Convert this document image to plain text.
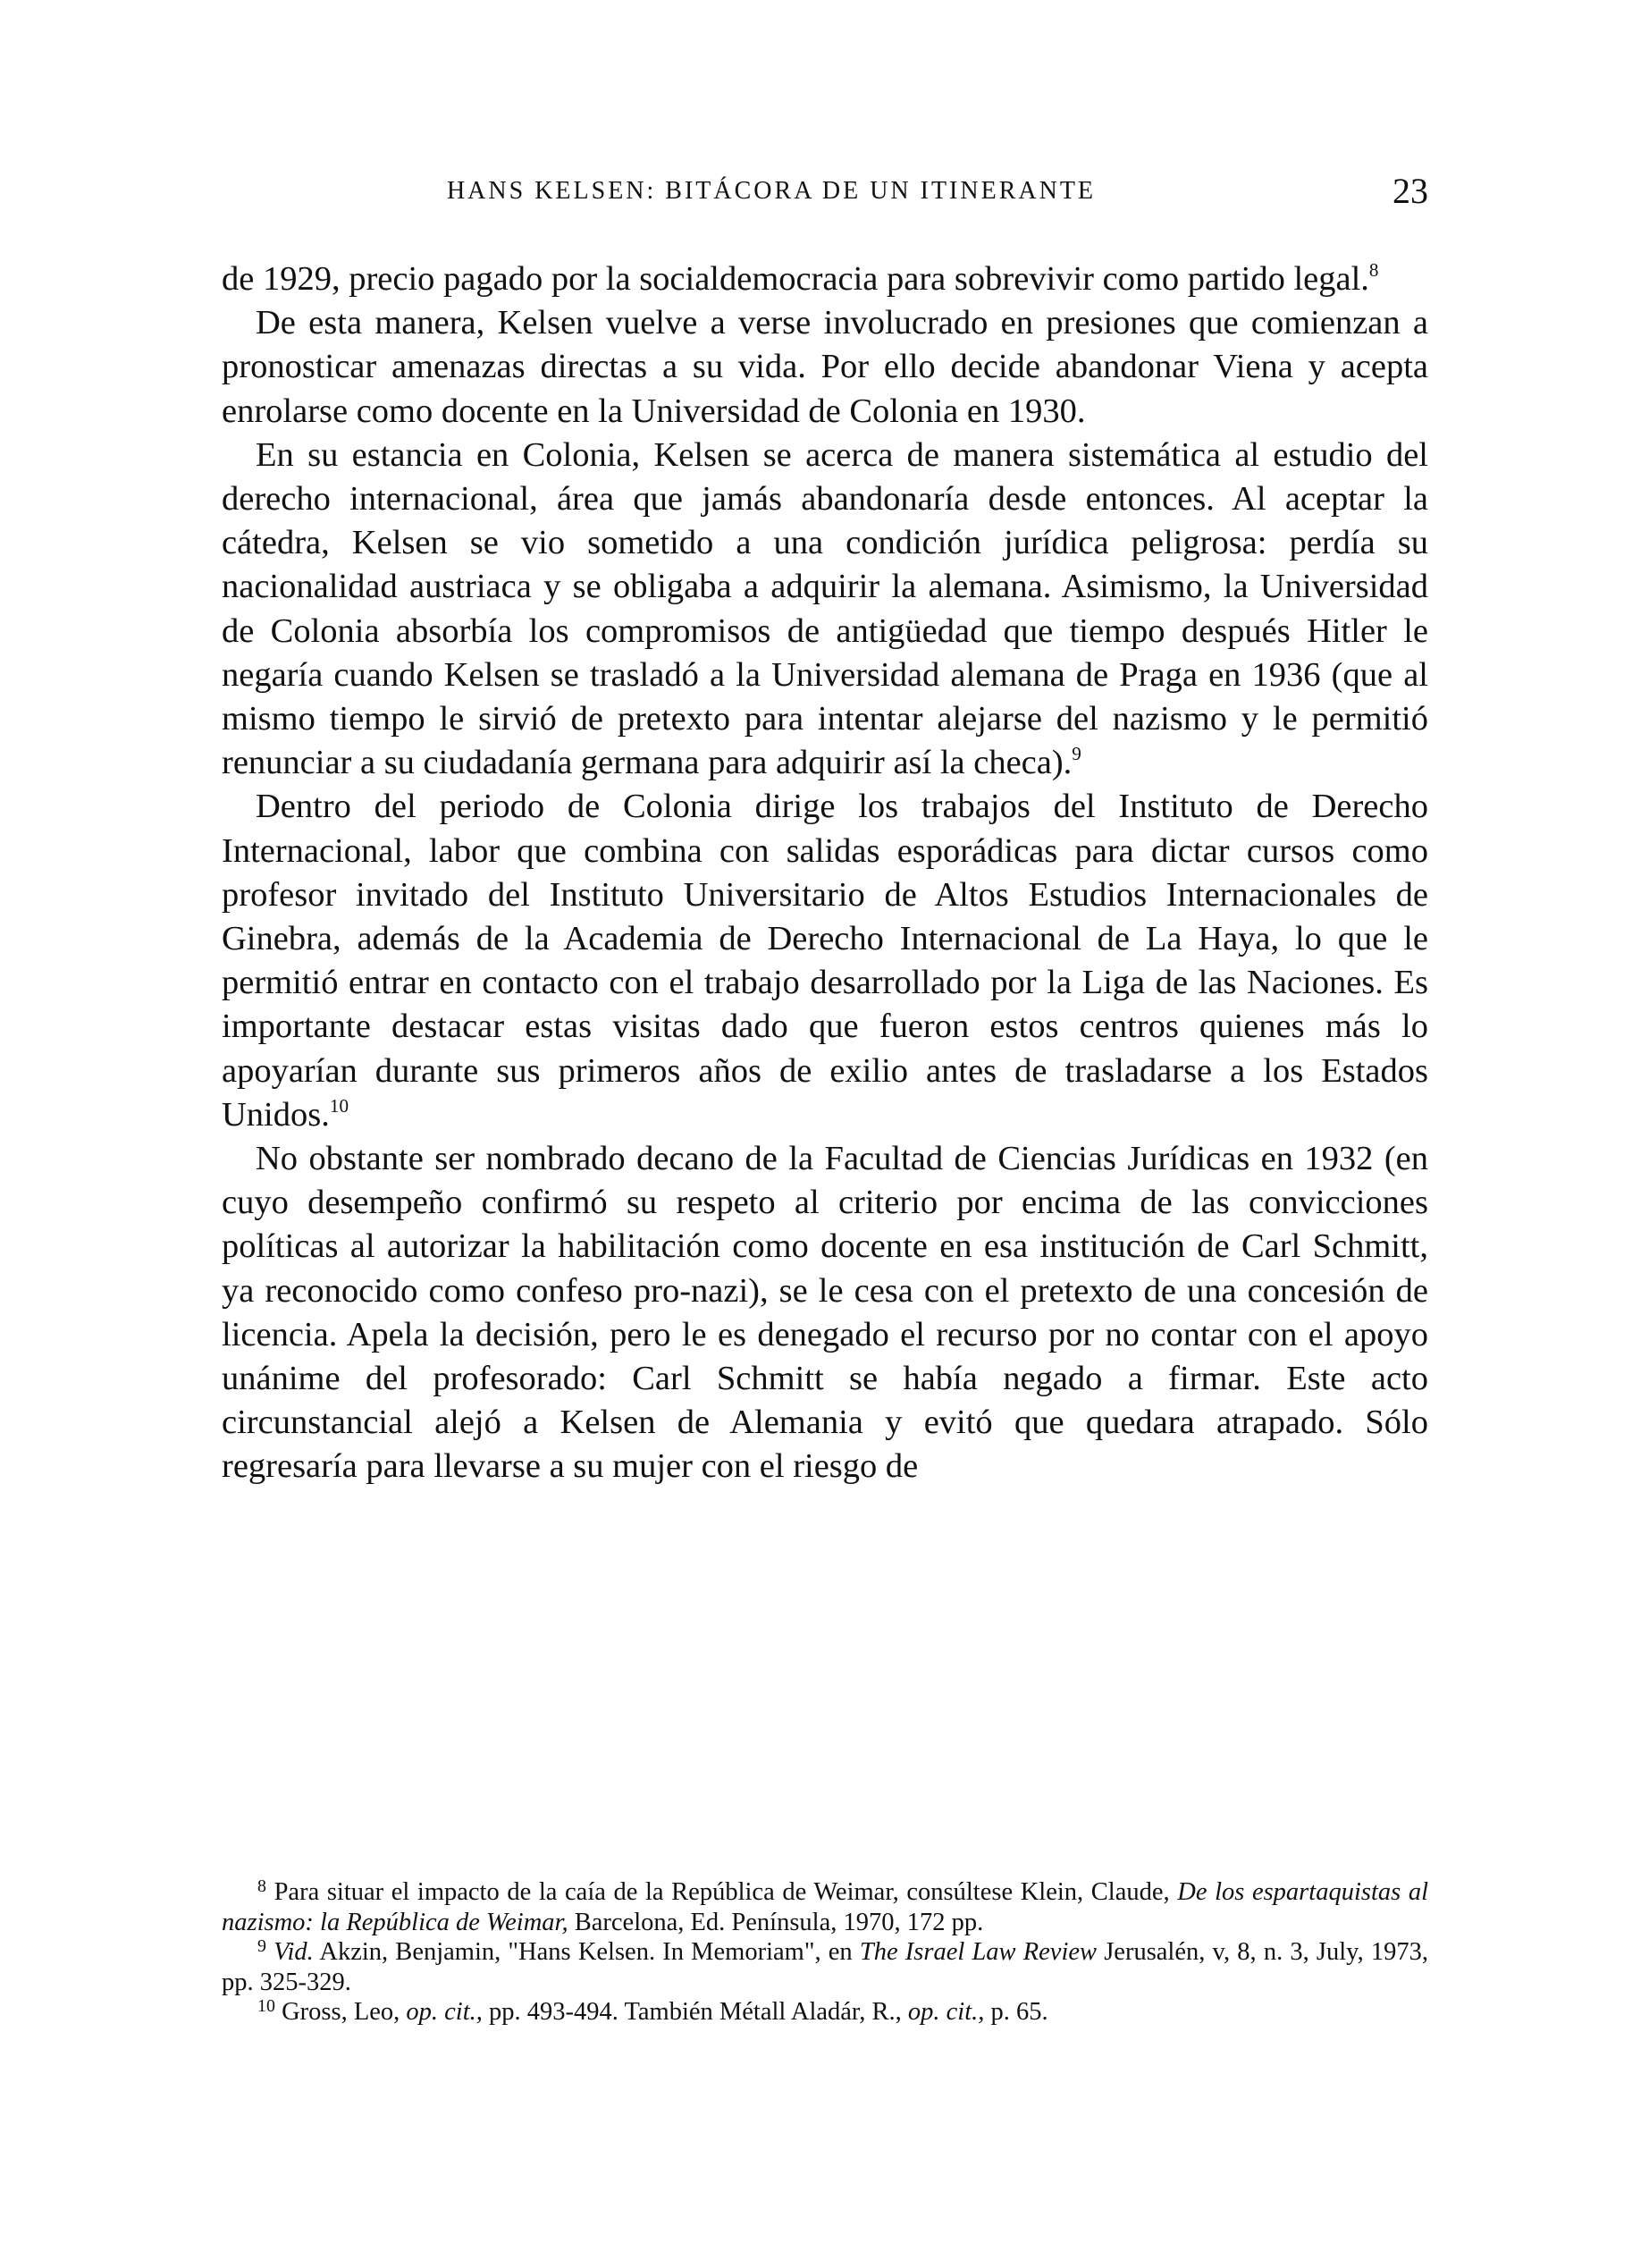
HANS KELSEN: BITÁCORA DE UN ITINERANTE	23

de 1929, precio pagado por la socialdemocracia para sobrevivir como partido legal.$^8$

De esta manera, Kelsen vuelve a verse involucrado en presiones que comienzan a pronosticar amenazas directas a su vida. Por ello decide abandonar Viena y acepta enrolarse como docente en la Universidad de Colonia en 1930.

En su estancia en Colonia, Kelsen se acerca de manera sistemática al estudio del derecho internacional, área que jamás abandonaría desde entonces. Al aceptar la cátedra, Kelsen se vio sometido a una condición jurídica peligrosa: perdía su nacionalidad austriaca y se obligaba a adquirir la alemana. Asimismo, la Universidad de Colonia absorbía los compromisos de antigüedad que tiempo después Hitler le negaría cuando Kelsen se trasladó a la Universidad alemana de Praga en 1936 (que al mismo tiempo le sirvió de pretexto para intentar alejarse del nazismo y le permitió renunciar a su ciudadanía germana para adquirir así la checa).$^9$

Dentro del periodo de Colonia dirige los trabajos del Instituto de Derecho Internacional, labor que combina con salidas esporádicas para dictar cursos como profesor invitado del Instituto Universitario de Altos Estudios Internacionales de Ginebra, además de la Academia de Derecho Internacional de La Haya, lo que le permitió entrar en contacto con el trabajo desarrollado por la Liga de las Naciones. Es importante destacar estas visitas dado que fueron estos centros quienes más lo apoyarían durante sus primeros años de exilio antes de trasladarse a los Estados Unidos.$^{10}$

No obstante ser nombrado decano de la Facultad de Ciencias Jurídicas en 1932 (en cuyo desempeño confirmó su respeto al criterio por encima de las convicciones políticas al autorizar la habilitación como docente en esa institución de Carl Schmitt, ya reconocido como confeso pro-nazi), se le cesa con el pretexto de una concesión de licencia. Apela la decisión, pero le es denegado el recurso por no contar con el apoyo unánime del profesorado: Carl Schmitt se había negado a firmar. Este acto circunstancial alejó a Kelsen de Alemania y evitó que quedara atrapado. Sólo regresaría para llevarse a su mujer con el riesgo de

$^8$ Para situar el impacto de la caía de la República de Weimar, consúltese Klein, Claude, De los espartaquistas al nazismo: la República de Weimar, Barcelona, Ed. Península, 1970, 172 pp.

$^9$ Vid. Akzin, Benjamin, "Hans Kelsen. In Memoriam", en The Israel Law Review Jerusalén, v, 8, n. 3, July, 1973, pp. 325-329.

$^{10}$ Gross, Leo, op. cit., pp. 493-494. También Métall Aladár, R., op. cit., p. 65.
